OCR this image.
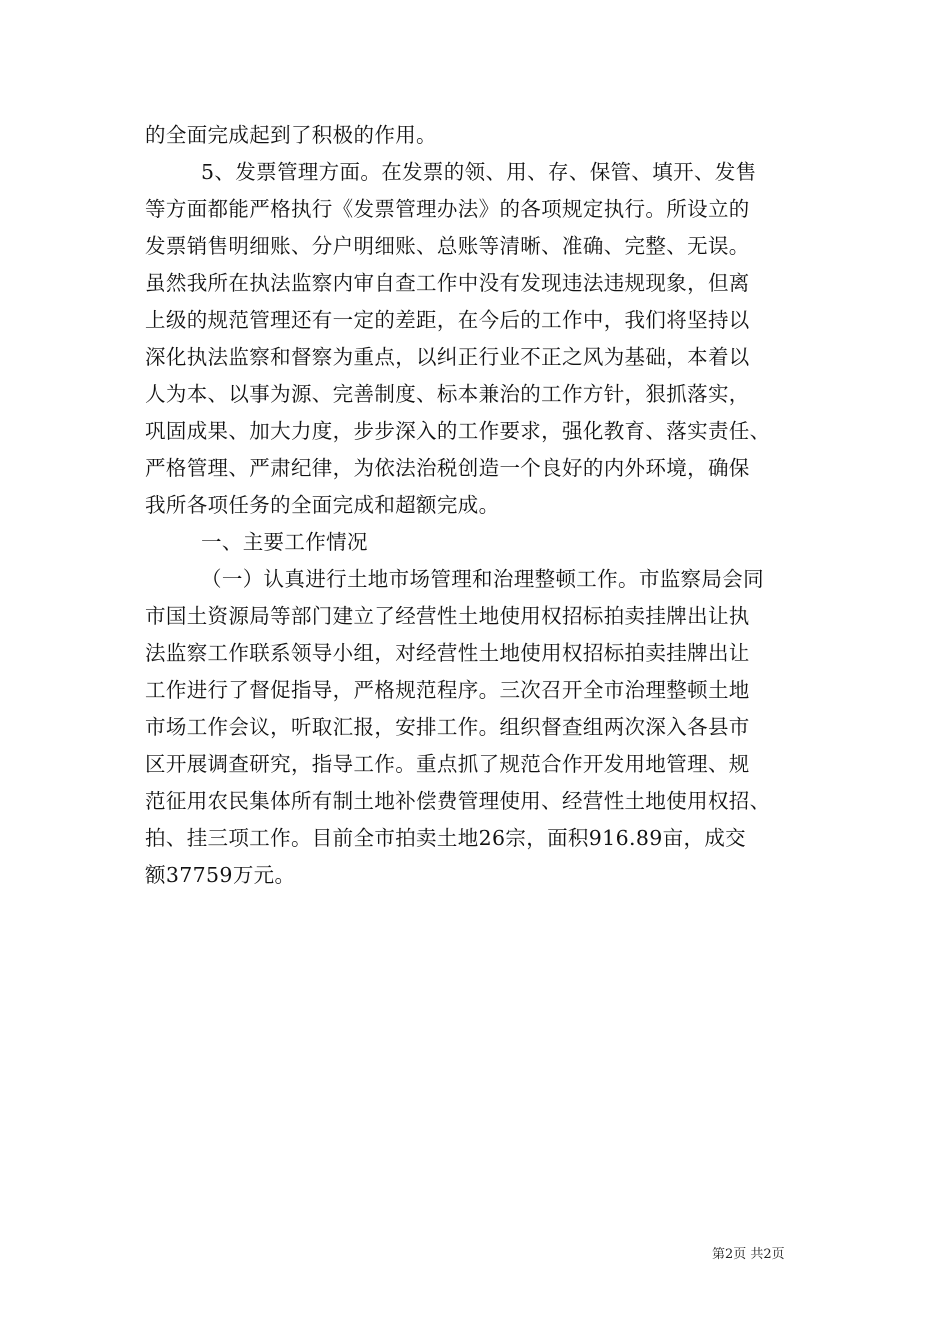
的全面完成起到了积极的作用。
5、发票管理方面。在发票的领、用、存、保管、填开、发售
等方面都能严格执行《发票管理办法》的各项规定执行。所设立的
发票销售明细账、分户明细账、总账等清晰、准确、完整、无误。
虽然我所在执法监察内审自查工作中没有发现违法违规现象，但离
上级的规范管理还有一定的差距，在今后的工作中，我们将坚持以
深化执法监察和督察为重点，以纠正行业不正之风为基础，本着以
人为本、以事为源、完善制度、标本兼治的工作方针，狠抓落实，
巩固成果、加大力度，步步深入的工作要求，强化教育、落实责任、
严格管理、严肃纪律，为依法治税创造一个良好的内外环境，确保
我所各项任务的全面完成和超额完成。
一、主要工作情况
（一）认真进行土地市场管理和治理整顿工作。市监察局会同
市国土资源局等部门建立了经营性土地使用权招标拍卖挂牌出让执
法监察工作联系领导小组，对经营性土地使用权招标拍卖挂牌出让
工作进行了督促指导，严格规范程序。三次召开全市治理整顿土地
市场工作会议，听取汇报，安排工作。组织督查组两次深入各县市
区开展调查研究，指导工作。重点抓了规范合作开发用地管理、规
范征用农民集体所有制土地补偿费管理使用、经营性土地使用权招、
拍、挂三项工作。目前全市拍卖土地26宗，面积916.89亩，成交
额37759万元。
第2页 共2页
